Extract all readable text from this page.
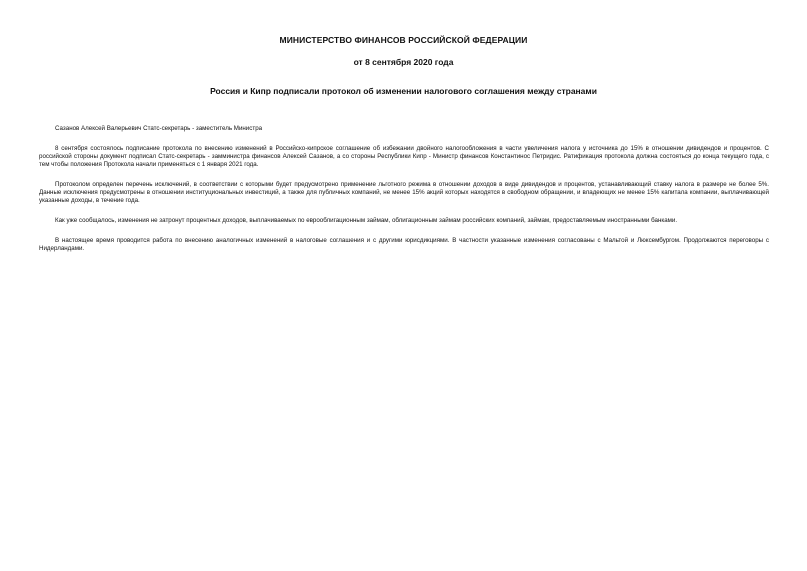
МИНИСТЕРСТВО ФИНАНСОВ РОССИЙСКОЙ ФЕДЕРАЦИИ

от 8 сентября 2020 года

Россия и Кипр подписали протокол об изменении налогового соглашения между странами

Сазанов Алексей Валерьевич Статс-секретарь - заместитель Министра

8 сентября состоялось подписание протокола по внесению изменений в Российско-кипрское соглашение об избежании двойного налогообложения в части увеличения налога у источника до 15% в отношении дивидендов и процентов. С российской стороны документ подписал Статс-секретарь - замминистра финансов Алексей Сазанов, а со стороны Республики Кипр - Министр финансов Константинос Петридис. Ратификация протокола должна состояться до конца текущего года, с тем чтобы положения Протокола начали применяться с 1 января 2021 года.

Протоколом определен перечень исключений, в соответствии с которыми будет предусмотрено применение льготного режима в отношении доходов в виде дивидендов и процентов, устанавливающий ставку налога в размере не более 5%. Данные исключения предусмотрены в отношении институциональных инвестиций, а также для публичных компаний, не менее 15% акций которых находятся в свободном обращении, и владеющих не менее 15% капитала компании, выплачивающей указанные доходы, в течение года.

Как уже сообщалось, изменения не затронут процентных доходов, выплачиваемых по еврооблигационным займам, облигационным займам российских компаний, займам, предоставляемым иностранными банками.

В настоящее время проводится работа по внесению аналогичных изменений в налоговые соглашения и с другими юрисдикциями. В частности указанные изменения согласованы с Мальтой и Люксембургом. Продолжаются переговоры с Нидерландами.
